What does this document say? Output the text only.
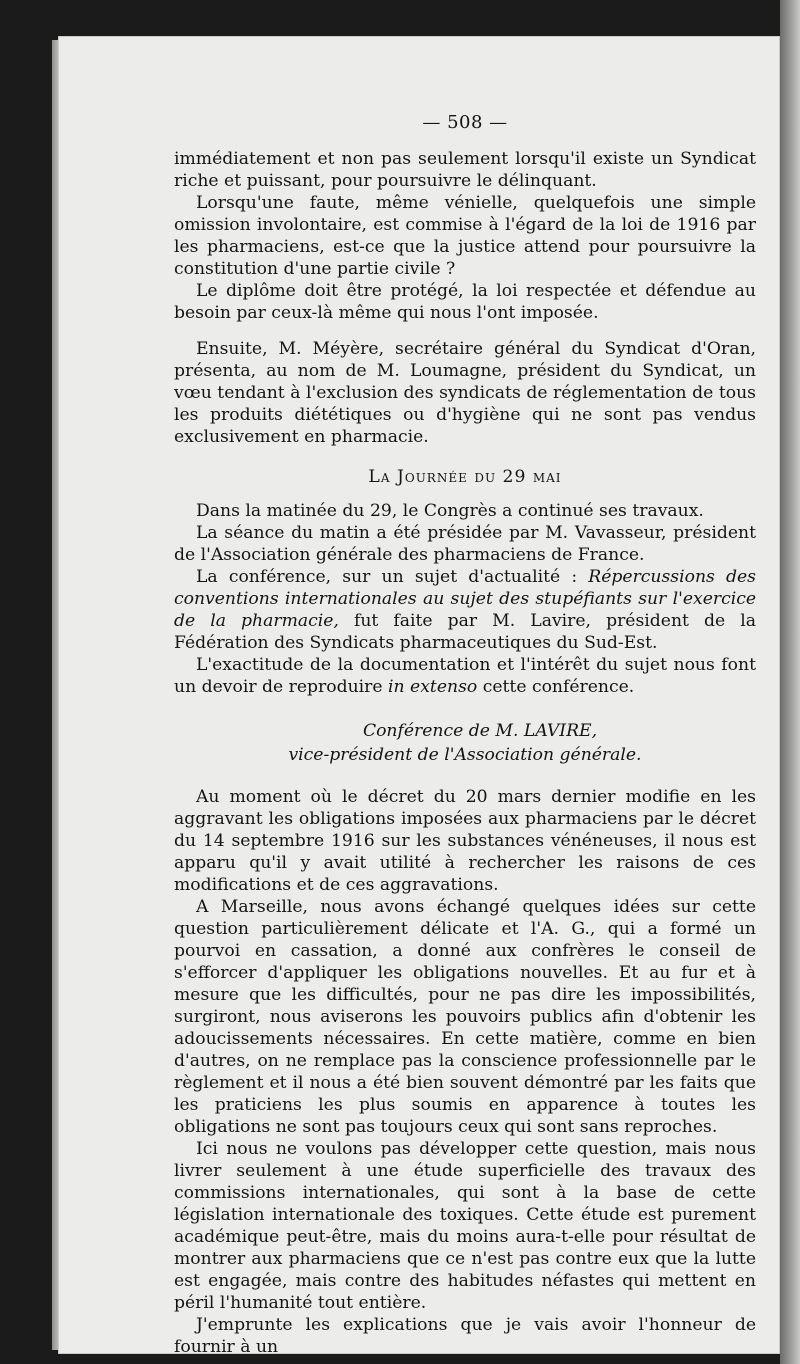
— 508 —

immédiatement et non pas seulement lorsqu'il existe un Syndicat riche et puissant, pour poursuivre le délinquant.

Lorsqu'une faute, même vénielle, quelquefois une simple omission involontaire, est commise à l'égard de la loi de 1916 par les pharmaciens, est-ce que la justice attend pour poursuivre la constitution d'une partie civile ?

Le diplôme doit être protégé, la loi respectée et défendue au besoin par ceux-là même qui nous l'ont imposée.

Ensuite, M. Méyère, secrétaire général du Syndicat d'Oran, présenta, au nom de M. Loumagne, président du Syndicat, un vœu tendant à l'exclusion des syndicats de réglementation de tous les produits diététiques ou d'hygiène qui ne sont pas vendus exclusivement en pharmacie.

La Journée du 29 mai

Dans la matinée du 29, le Congrès a continué ses travaux.

La séance du matin a été présidée par M. Vavasseur, président de l'Association générale des pharmaciens de France.

La conférence, sur un sujet d'actualité : Répercussions des conventions internationales au sujet des stupéfiants sur l'exercice de la pharmacie, fut faite par M. Lavire, président de la Fédération des Syndicats pharmaceutiques du Sud-Est.

L'exactitude de la documentation et l'intérêt du sujet nous font un devoir de reproduire in extenso cette conférence.

Conférence de M. LAVIRE,
vice-président de l'Association générale.

Au moment où le décret du 20 mars dernier modifie en les aggravant les obligations imposées aux pharmaciens par le décret du 14 septembre 1916 sur les substances vénéneuses, il nous est apparu qu'il y avait utilité à rechercher les raisons de ces modifications et de ces aggravations.

A Marseille, nous avons échangé quelques idées sur cette question particulièrement délicate et l'A. G., qui a formé un pourvoi en cassation, a donné aux confrères le conseil de s'efforcer d'appliquer les obligations nouvelles. Et au fur et à mesure que les difficultés, pour ne pas dire les impossibilités, surgiront, nous aviserons les pouvoirs publics afin d'obtenir les adoucissements nécessaires. En cette matière, comme en bien d'autres, on ne remplace pas la conscience professionnelle par le règlement et il nous a été bien souvent démontré par les faits que les praticiens les plus soumis en apparence à toutes les obligations ne sont pas toujours ceux qui sont sans reproches.

Ici nous ne voulons pas développer cette question, mais nous livrer seulement à une étude superficielle des travaux des commissions internationales, qui sont à la base de cette législation internationale des toxiques. Cette étude est purement académique peut-être, mais du moins aura-t-elle pour résultat de montrer aux pharmaciens que ce n'est pas contre eux que la lutte est engagée, mais contre des habitudes néfastes qui mettent en péril l'humanité tout entière.

J'emprunte les explications que je vais avoir l'honneur de fournir à un
